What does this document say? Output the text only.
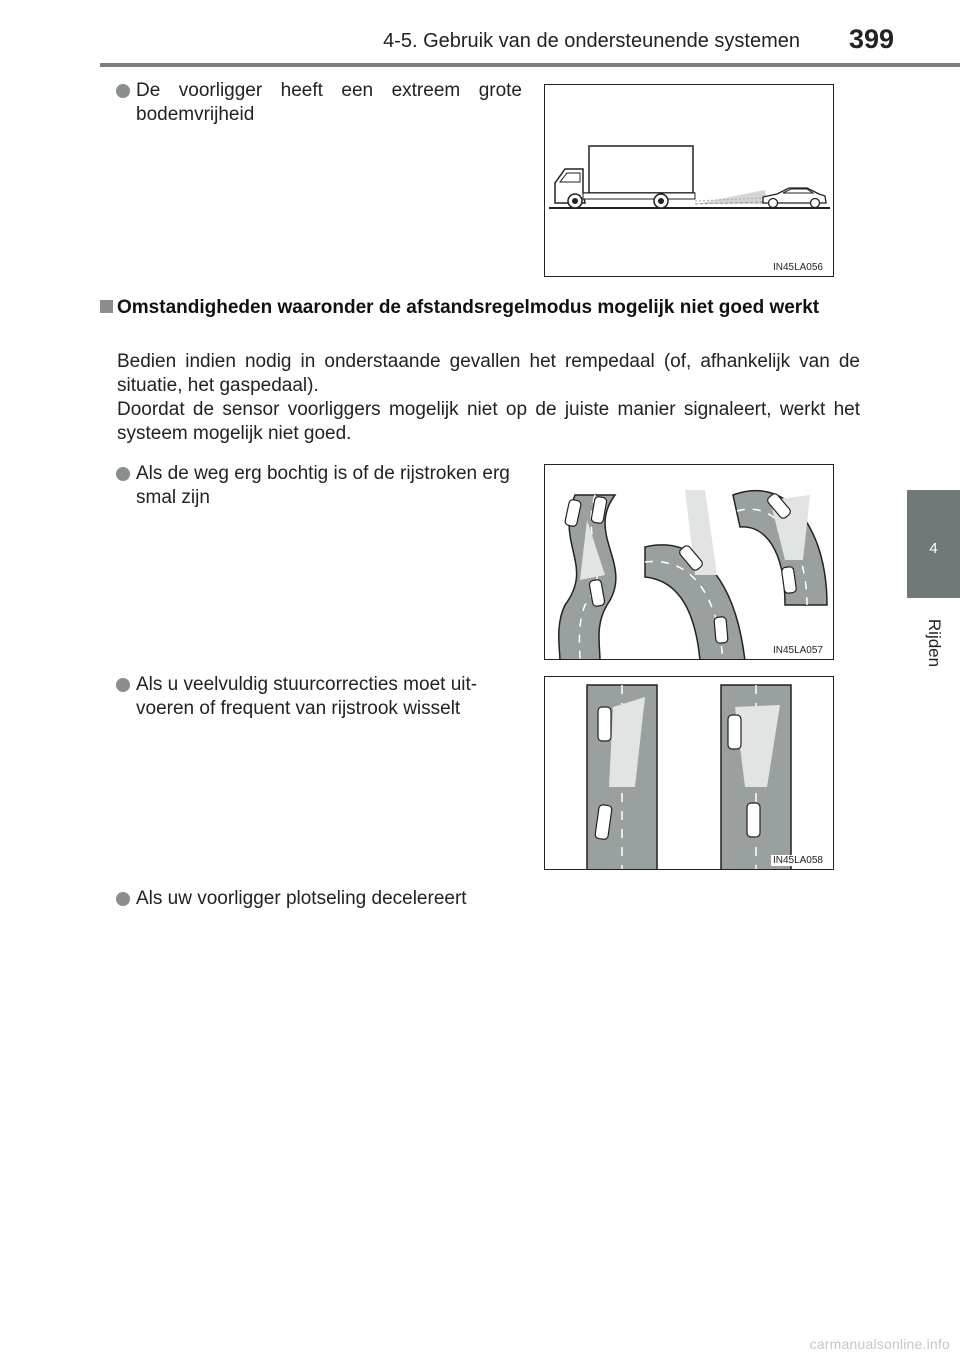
4-5. Gebruik van de ondersteunende systemen	399
4
Rijden
De voorligger heeft een extreem grote bodemvrijheid
IN45LA056
Omstandigheden waaronder de afstandsregelmodus mogelijk niet goed werkt

Bedien indien nodig in onderstaande gevallen het rempedaal (of, afhankelijk van de situatie, het gaspedaal).

Doordat de sensor voorliggers mogelijk niet op de juiste manier signaleert, werkt het systeem mogelijk niet goed.

Als de weg erg bochtig is of de rijstroken erg smal zijn
IN45LA057
Als u veelvuldig stuurcorrecties moet uit-voeren of frequent van rijstrook wisselt
IN45LA058
Als uw voorligger plotseling decelereert
carmanualsonline.info
